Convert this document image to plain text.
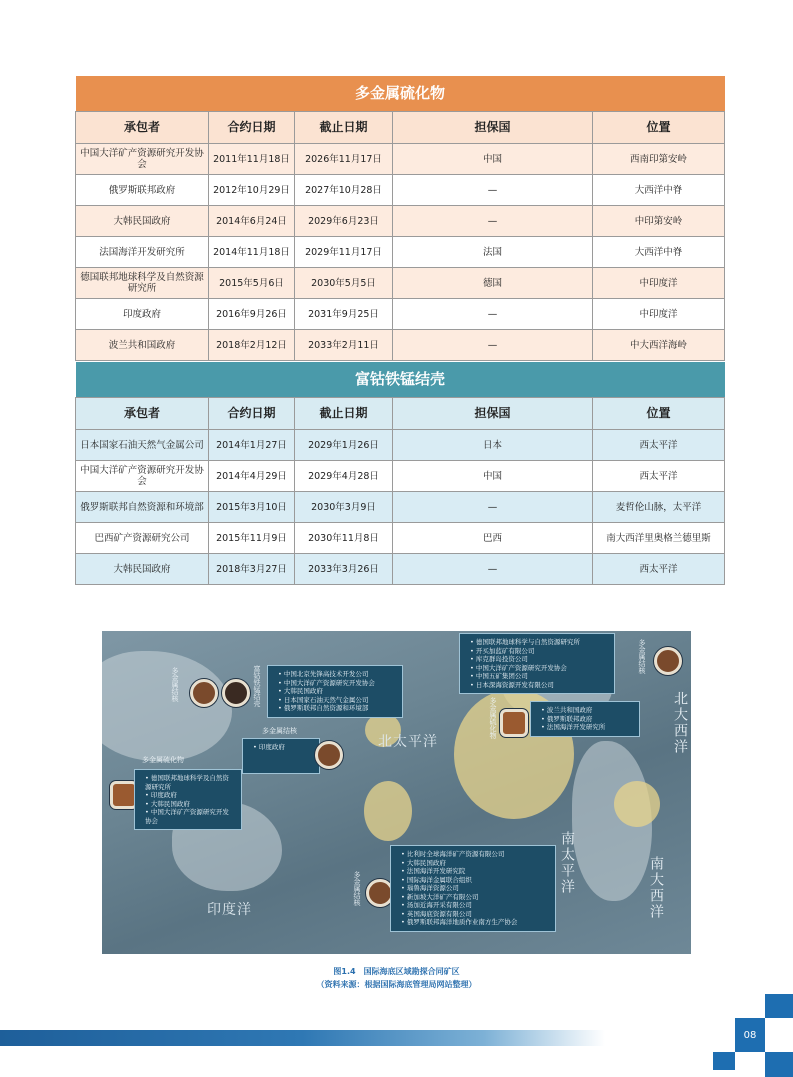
多金属硫化物				
承包者	合约日期	截止日期	担保国	位置
中国大洋矿产资源研究开发协会	2011年11月18日	2026年11月17日	中国	西南印第安岭
俄罗斯联邦政府	2012年10月29日	2027年10月28日	—	大西洋中脊
大韩民国政府	2014年6月24日	2029年6月23日	—	中印第安岭
法国海洋开发研究所	2014年11月18日	2029年11月17日	法国	大西洋中脊
德国联邦地球科学及自然资源研究所	2015年5月6日	2030年5月5日	德国	中印度洋
印度政府	2016年9月26日	2031年9月25日	—	中印度洋
波兰共和国政府	2018年2月12日	2033年2月11日	—	中大西洋海岭
富钴铁锰结壳				
承包者	合约日期	截止日期	担保国	位置
日本国家石油天然气金属公司	2014年1月27日	2029年1月26日	日本	西太平洋
中国大洋矿产资源研究开发协会	2014年4月29日	2029年4月28日	中国	西太平洋
俄罗斯联邦自然资源和环境部	2015年3月10日	2030年3月9日	—	麦哲伦山脉，太平洋
巴西矿产资源研究公司	2015年11月9日	2030年11月8日	巴西	南大西洋里奥格兰德里斯
大韩民国政府	2018年3月27日	2033年3月26日	—	西太平洋
北太平洋
印度洋
南太平洋
北大西洋
南大西洋
多金属结核	富钴铁锰结壳	• 中国北京先锋高技术开发公司
• 中国大洋矿产资源研究开发协会
• 大韩民国政府
• 日本国家石油天然气金属公司
• 俄罗斯联邦自然资源和环境部
多金属结核
• 印度政府
多金属硫化物
• 德国联邦地球科学及自然资源研究所
• 印度政府
• 大韩民国政府
• 中国大洋矿产资源研究开发协会
• 德国联邦地球科学与自然资源研究所
• 开买加蓝矿有限公司
• 库克群岛投资公司
• 中国大洋矿产资源研究开发协会
• 中国五矿集团公司
• 日本深海资源开发有限公司
多金属结核
多金属硫化物	• 波兰共和国政府
• 俄罗斯联邦政府
• 法国海洋开发研究所
多金属结核
• 比利时全球海洋矿产资源有限公司
• 大韩民国政府
• 法国海洋开发研究院
• 国际海洋金属联合组织
• 瑙鲁海洋资源公司
• 新加坡大洋矿产有限公司
• 汤加近海开采有限公司
• 英国海底资源有限公司
• 俄罗斯联邦海洋地质作业南方生产协会
图1.4　国际海底区域勘探合同矿区
（资料来源：根据国际海底管理局网站整理）
08
